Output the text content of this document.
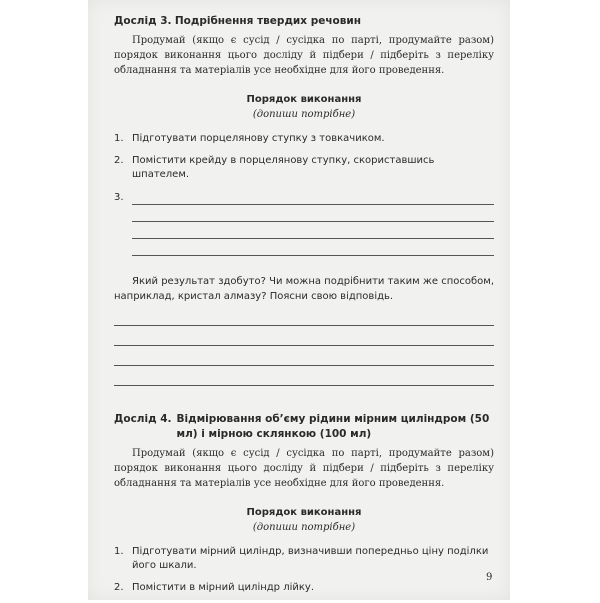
Дослід 3. Подрібнення твердих речовин

Продумай (якщо є сусід / сусідка по парті, продумайте разом) порядок виконання цього досліду й підбери / підберіть з переліку обладнання та матеріалів усе необхідне для його проведення.

Порядок виконання
(допиши потрібне)
1. Підготувати порцелянову ступку з товкачиком.
2. Помістити крейду в порцелянову ступку, скориставшись шпателем.
3.

Який результат здобуто? Чи можна подрібнити таким же способом, наприклад, кристал алмазу? Поясни свою відповідь.

Дослід 4. Відмірювання об’єму рідини мірним циліндром (50 мл) і мірною склянкою (100 мл)

Продумай (якщо є сусід / сусідка по парті, продумайте разом) порядок виконання цього досліду й підбери / підберіть з переліку обладнання та матеріалів усе необхідне для його проведення.

Порядок виконання
(допиши потрібне)
1. Підготувати мірний циліндр, визначивши попередньо ціну поділки його шкали.
2. Помістити в мірний циліндр лійку.
9
